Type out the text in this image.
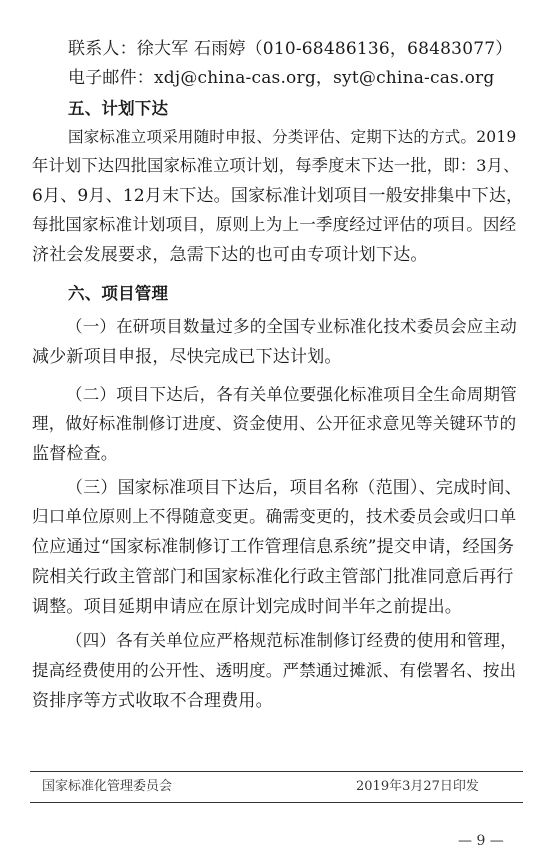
联系人：徐大军 石雨婷（010-68486136，68483077）
电子邮件：xdj@china-cas.org，syt@china-cas.org
五、计划下达
国家标准立项采用随时申报、分类评估、定期下达的方式。2019
年计划下达四批国家标准立项计划，每季度末下达一批，即：3月、
6月、9月、12月末下达。国家标准计划项目一般安排集中下达，
每批国家标准计划项目，原则上为上一季度经过评估的项目。因经
济社会发展要求，急需下达的也可由专项计划下达。
六、项目管理
（一）在研项目数量过多的全国专业标准化技术委员会应主动
减少新项目申报，尽快完成已下达计划。
（二）项目下达后，各有关单位要强化标准项目全生命周期管
理，做好标准制修订进度、资金使用、公开征求意见等关键环节的
监督检查。
（三）国家标准项目下达后，项目名称（范围）、完成时间、
归口单位原则上不得随意变更。确需变更的，技术委员会或归口单
位应通过“国家标准制修订工作管理信息系统”提交申请，经国务
院相关行政主管部门和国家标准化行政主管部门批准同意后再行
调整。项目延期申请应在原计划完成时间半年之前提出。
（四）各有关单位应严格规范标准制修订经费的使用和管理，
提高经费使用的公开性、透明度。严禁通过摊派、有偿署名、按出
资排序等方式收取不合理费用。
国家标准化管理委员会	2019年3月27日印发
— 9 —
